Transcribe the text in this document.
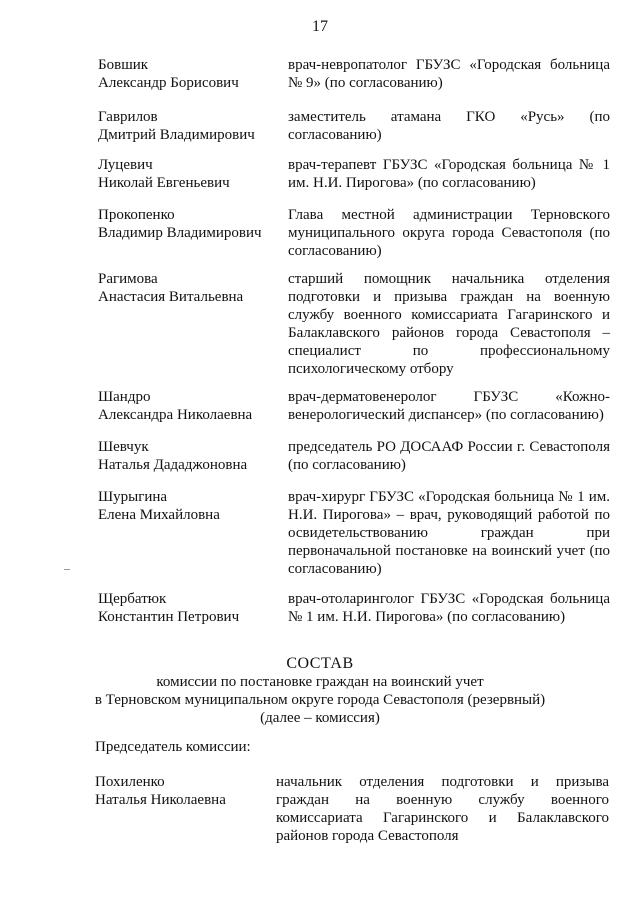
17
Бовшик
Александр Борисович
врач-невропатолог ГБУЗС «Городская больница № 9» (по согласованию)
Гаврилов
Дмитрий Владимирович
заместитель атамана ГКО «Русь» (по согласованию)
Луцевич
Николай Евгеньевич
врач-терапевт ГБУЗС «Городская больница № 1 им. Н.И. Пирогова» (по согласованию)
Прокопенко
Владимир Владимирович
Глава местной администрации Терновского муниципального округа города Севастополя (по согласованию)
Рагимова
Анастасия Витальевна
старший помощник начальника отделения подготовки и призыва граждан на военную службу военного комиссариата Гагаринского и Балаклавского районов города Севастополя – специалист по профессиональному психологическому отбору
Шандро
Александра Николаевна
врач-дерматовенеролог ГБУЗС «Кожно-венерологический диспансер» (по согласованию)
Шевчук
Наталья Дададжоновна
председатель РО ДОСААФ России г. Севастополя (по согласованию)
Шурыгина
Елена Михайловна
врач-хирург ГБУЗС «Городская больница № 1 им. Н.И. Пирогова» – врач, руководящий работой по освидетельствованию граждан при первоначальной постановке на воинский учет (по согласованию)
Щербатюк
Константин Петрович
врач-отоларинголог ГБУЗС «Городская больница № 1 им. Н.И. Пирогова» (по согласованию)
СОСТАВ
комиссии по постановке граждан на воинский учет
в Терновском муниципальном округе города Севастополя (резервный)
(далее – комиссия)
Председатель комиссии:
Похиленко
Наталья Николаевна
начальник отделения подготовки и призыва граждан на военную службу военного комиссариата Гагаринского и Балаклавского районов города Севастополя
